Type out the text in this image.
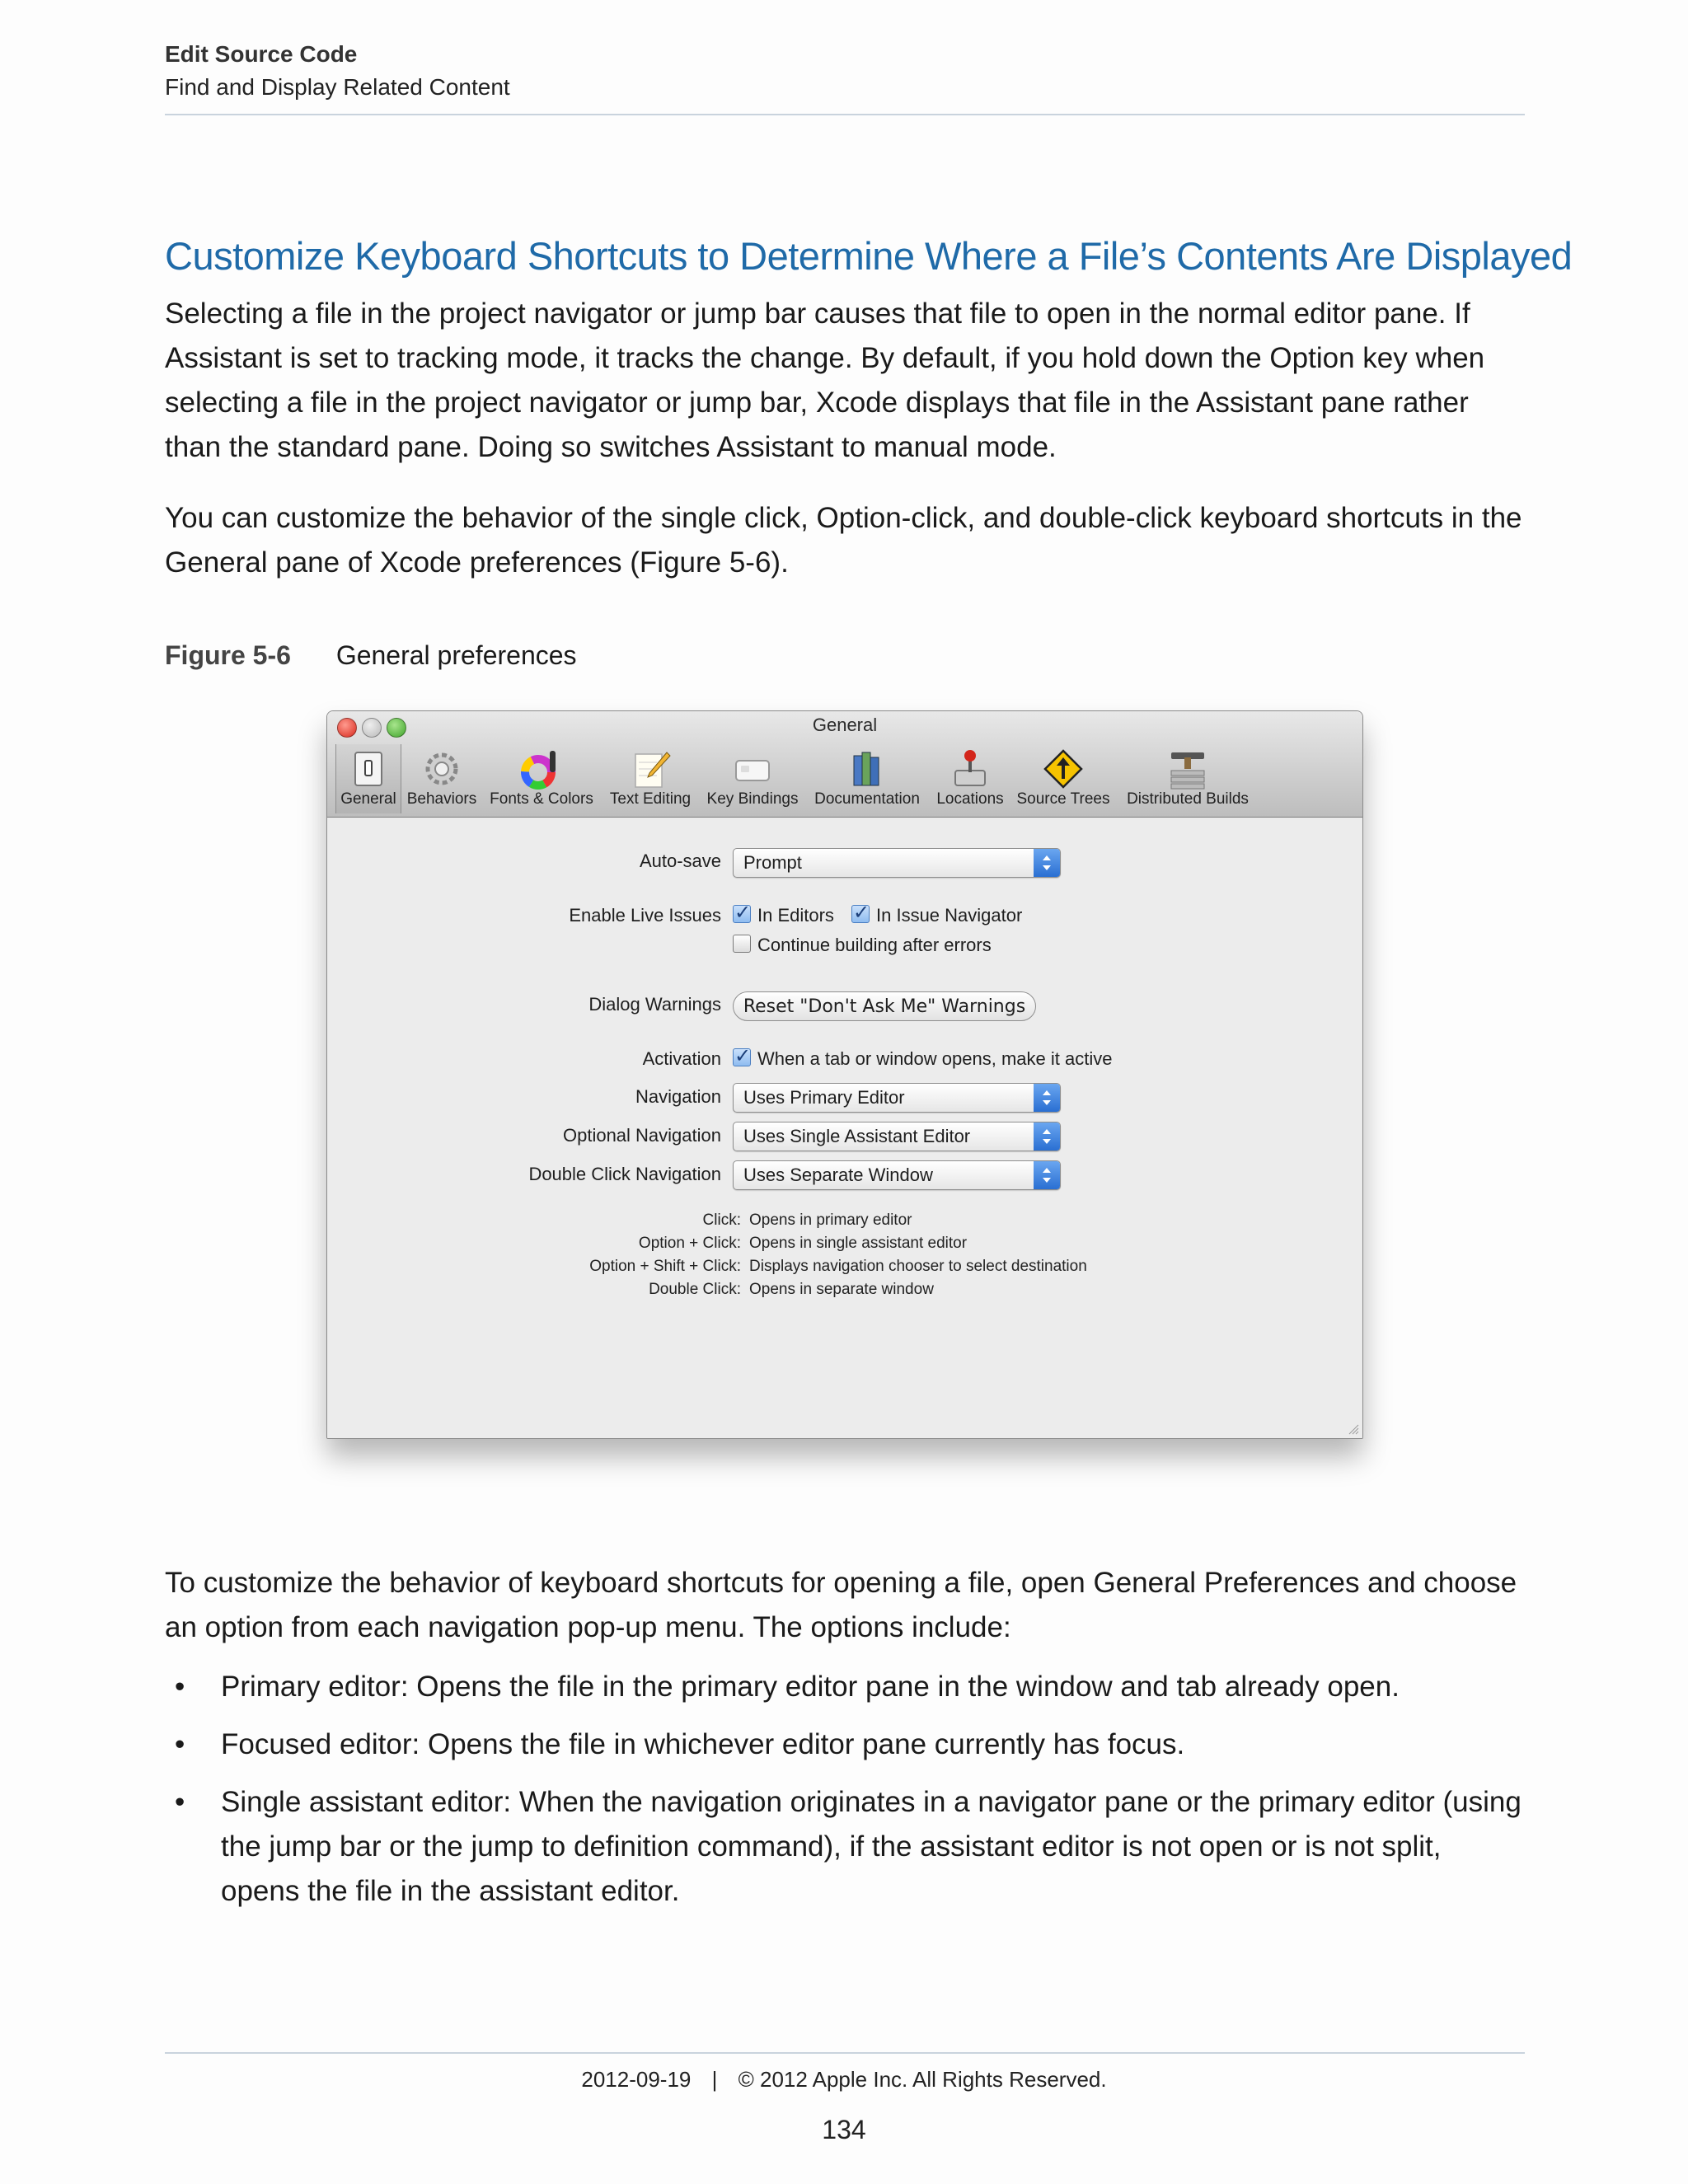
Edit Source Code
Find and Display Related Content
Customize Keyboard Shortcuts to Determine Where a File’s Contents Are Displayed

Selecting a file in the project navigator or jump bar causes that file to open in the normal editor pane. If Assistant is set to tracking mode, it tracks the change. By default, if you hold down the Option key when selecting a file in the project navigator or jump bar, Xcode displays that file in the Assistant pane rather than the standard pane. Doing so switches Assistant to manual mode.

You can customize the behavior of the single click, Option-click, and double-click keyboard shortcuts in the General pane of Xcode preferences (Figure 5-6).

Figure 5-6 General preferences
General
General Behaviors Fonts & Colors	Text Editing	Key Bindings	Documentation	Locations Source Trees	Distributed Builds
Auto-save Prompt
Enable Live Issues ✓ In Editors ✓ In Issue Navigator
Continue building after errors
Dialog Warnings	Reset "Don't Ask Me" Warnings
Activation ✓ When a tab or window opens, make it active
Navigation Uses Primary Editor
Optional Navigation Uses Single Assistant Editor
Double Click Navigation Uses Separate Window
Click: Opens in primary editor
Option + Click: Opens in single assistant editor
Option + Shift + Click: Displays navigation chooser to select destination
Double Click: Opens in separate window

To customize the behavior of keyboard shortcuts for opening a file, open General Preferences and choose an option from each navigation pop-up menu. The options include:

• Primary editor: Opens the file in the primary editor pane in the window and tab already open.
• Focused editor: Opens the file in whichever editor pane currently has focus.
• Single assistant editor: When the navigation originates in a navigator pane or the primary editor (using the jump bar or the jump to definition command), if the assistant editor is not open or is not split, opens the file in the assistant editor.
2012-09-19 | © 2012 Apple Inc. All Rights Reserved.
134
